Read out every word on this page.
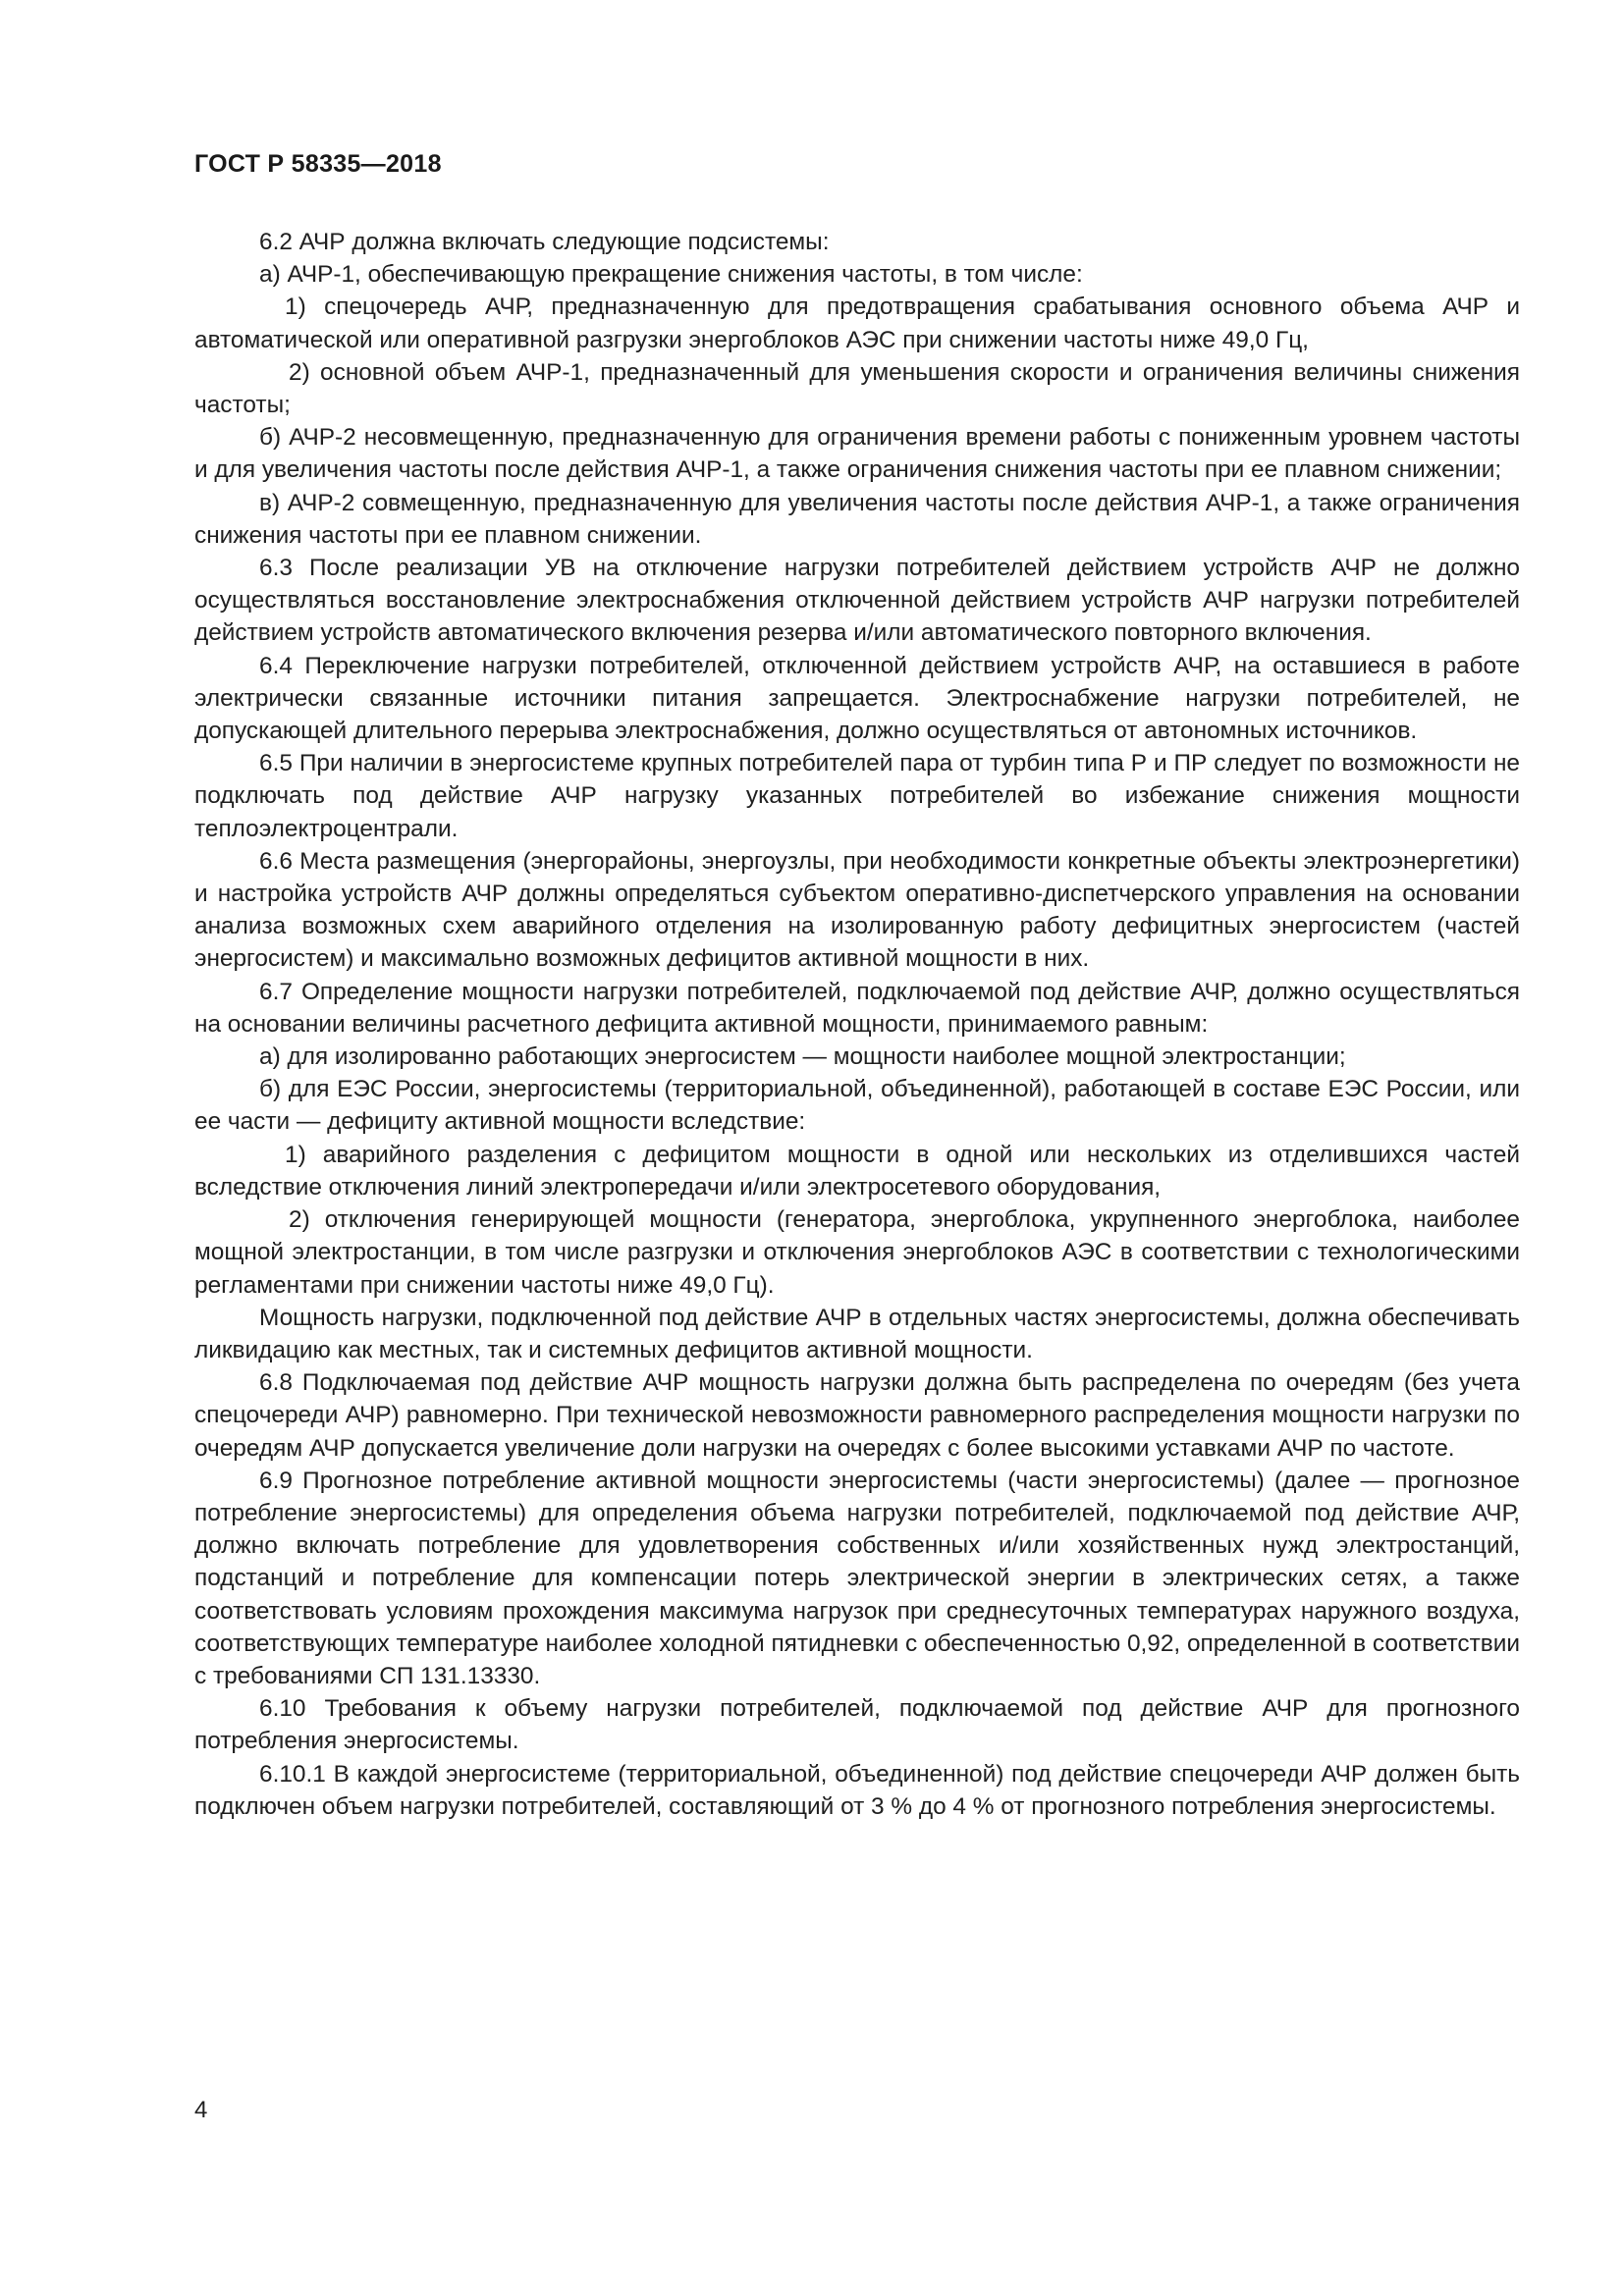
ГОСТ Р 58335—2018

6.2 АЧР должна включать следующие подсистемы:

а) АЧР-1, обеспечивающую прекращение снижения частоты, в том числе:

1) спецочередь АЧР, предназначенную для предотвращения срабатывания основного объема АЧР и автоматической или оперативной разгрузки энергоблоков АЭС при снижении частоты ниже 49,0 Гц,

2) основной объем АЧР-1, предназначенный для уменьшения скорости и ограничения величины снижения частоты;

б) АЧР-2 несовмещенную, предназначенную для ограничения времени работы с пониженным уровнем частоты и для увеличения частоты после действия АЧР-1, а также ограничения снижения частоты при ее плавном снижении;

в) АЧР-2 совмещенную, предназначенную для увеличения частоты после действия АЧР-1, а также ограничения снижения частоты при ее плавном снижении.

6.3 После реализации УВ на отключение нагрузки потребителей действием устройств АЧР не должно осуществляться восстановление электроснабжения отключенной действием устройств АЧР нагрузки потребителей действием устройств автоматического включения резерва и/или автоматического повторного включения.

6.4 Переключение нагрузки потребителей, отключенной действием устройств АЧР, на оставшиеся в работе электрически связанные источники питания запрещается. Электроснабжение нагрузки потребителей, не допускающей длительного перерыва электроснабжения, должно осуществляться от автономных источников.

6.5 При наличии в энергосистеме крупных потребителей пара от турбин типа Р и ПР следует по возможности не подключать под действие АЧР нагрузку указанных потребителей во избежание снижения мощности теплоэлектроцентрали.

6.6 Места размещения (энергорайоны, энергоузлы, при необходимости конкретные объекты электроэнергетики) и настройка устройств АЧР должны определяться субъектом оперативно-диспетчерского управления на основании анализа возможных схем аварийного отделения на изолированную работу дефицитных энергосистем (частей энергосистем) и максимально возможных дефицитов активной мощности в них.

6.7 Определение мощности нагрузки потребителей, подключаемой под действие АЧР, должно осуществляться на основании величины расчетного дефицита активной мощности, принимаемого равным:

а) для изолированно работающих энергосистем — мощности наиболее мощной электростанции;

б) для ЕЭС России, энергосистемы (территориальной, объединенной), работающей в составе ЕЭС России, или ее части — дефициту активной мощности вследствие:

1) аварийного разделения с дефицитом мощности в одной или нескольких из отделившихся частей вследствие отключения линий электропередачи и/или электросетевого оборудования,

2) отключения генерирующей мощности (генератора, энергоблока, укрупненного энергоблока, наиболее мощной электростанции, в том числе разгрузки и отключения энергоблоков АЭС в соответствии с технологическими регламентами при снижении частоты ниже 49,0 Гц).

Мощность нагрузки, подключенной под действие АЧР в отдельных частях энергосистемы, должна обеспечивать ликвидацию как местных, так и системных дефицитов активной мощности.

6.8 Подключаемая под действие АЧР мощность нагрузки должна быть распределена по очередям (без учета спецочереди АЧР) равномерно. При технической невозможности равномерного распределения мощности нагрузки по очередям АЧР допускается увеличение доли нагрузки на очередях с более высокими уставками АЧР по частоте.

6.9 Прогнозное потребление активной мощности энергосистемы (части энергосистемы) (далее — прогнозное потребление энергосистемы) для определения объема нагрузки потребителей, подключаемой под действие АЧР, должно включать потребление для удовлетворения собственных и/или хозяйственных нужд электростанций, подстанций и потребление для компенсации потерь электрической энергии в электрических сетях, а также соответствовать условиям прохождения максимума нагрузок при среднесуточных температурах наружного воздуха, соответствующих температуре наиболее холодной пятидневки с обеспеченностью 0,92, определенной в соответствии с требованиями СП 131.13330.

6.10 Требования к объему нагрузки потребителей, подключаемой под действие АЧР для прогнозного потребления энергосистемы.

6.10.1 В каждой энергосистеме (территориальной, объединенной) под действие спецочереди АЧР должен быть подключен объем нагрузки потребителей, составляющий от 3 % до 4 % от прогнозного потребления энергосистемы.

4
